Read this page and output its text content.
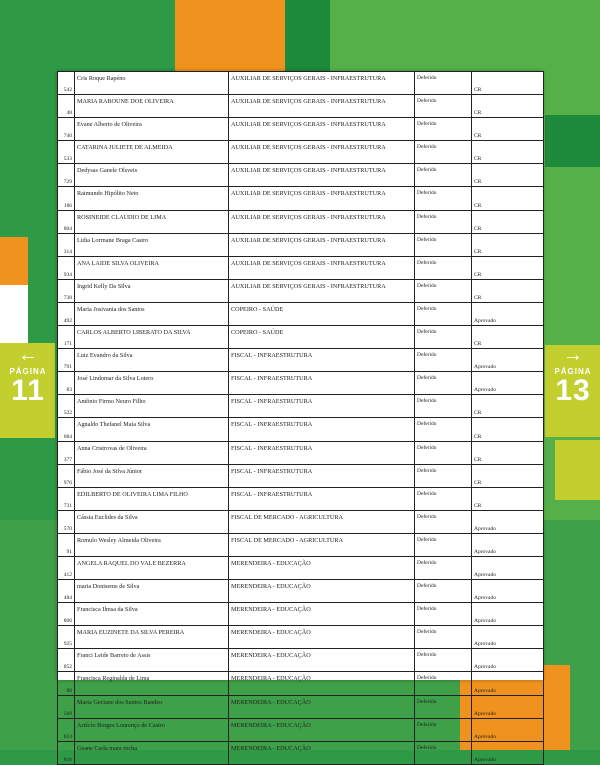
←
PÁGINA
11
→
PÁGINA
13
542	Cris Roque Rapéno	AUXILIAR DE SERVIÇOS GERAIS - INFRAESTRUTURA	Deferido	CR
48	MARIA RABOUNE DOE OLIVEIRA	AUXILIAR DE SERVIÇOS GERAIS - INFRAESTRUTURA	Deferido	CR
740	Evane Alberto de Oliveira	AUXILIAR DE SERVIÇOS GERAIS - INFRAESTRUTURA	Deferido	CR
533	CATARINA JULIETE DE ALMEIDA	AUXILIAR DE SERVIÇOS GERAIS - INFRAESTRUTURA	Deferido	CR
729	Dedysas Ganele Olsveis	AUXILIAR DE SERVIÇOS GERAIS - INFRAESTRUTURA	Deferido	CR
186	Raimundo Hipólito Neto	AUXILIAR DE SERVIÇOS GERAIS - INFRAESTRUTURA	Deferido	CR
804	ROSINEIDE CLAUDIO DE LIMA	AUXILIAR DE SERVIÇOS GERAIS - INFRAESTRUTURA	Deferido	CR
314	Lidia Lorrnane Braga Castro	AUXILIAR DE SERVIÇOS GERAIS - INFRAESTRUTURA	Deferido	CR
934	ANA LAIDE SILVA OLIVEIRA	AUXILIAR DE SERVIÇOS GERAIS - INFRAESTRUTURA	Deferido	CR
738	Ingrid Kelly Da Silva	AUXILIAR DE SERVIÇOS GERAIS - INFRAESTRUTURA	Deferido	CR
492	Maria Josivania dos Santos	COPEIRO - SAÚDE	Deferido	Aprovado
171	CARLOS ALBERTO LIBERATO DA SILVA	COPEIRO - SAÚDE	Deferido	CR
791	Luiz Evandro da Silva	FISCAL - INFRAESTRUTURA	Deferido	Aprovado
83	José Lindomar da Silva Lotero	FISCAL - INFRAESTRUTURA	Deferido	Aprovado
522	Antônio Firmo Neuro Filho	FISCAL - INFRAESTRUTURA	Deferido	CR
684	Agnaldo Thefanel Maia Silva	FISCAL - INFRAESTRUTURA	Deferido	CR
377	Anna Cristrovas de Oliveira	FISCAL - INFRAESTRUTURA	Deferido	CR
976	Fábio José da Silva Júnior	FISCAL - INFRAESTRUTURA	Deferido	CR
731	EDILBERTO DE OLIVEIRA LIMA FILHO	FISCAL - INFRAESTRUTURA	Deferido	CR
570	Cássia Euclides da Silva	FISCAL DE MERCADO - AGRICULTURA	Deferido	Aprovado
91	Romulo Wesley Almeida Oliveira	FISCAL DE MERCADO - AGRICULTURA	Deferido	Aprovado
412	ANGELA RAQUEL DO VALE BEZERRA	MERENDEIRA - EDUCAÇÃO	Deferido	Aprovado
484	maria Doniseme de Silva	MERENDEIRA - EDUCAÇÃO	Deferido	Aprovado
806	Francisca Ilmsa da Silva	MERENDEIRA - EDUCAÇÃO	Deferido	Aprovado
925	MARIA EUZINETE DA SILVA PEREIRA	MERENDEIRA - EDUCAÇÃO	Deferido	Aprovado
852	Franci Leide Barreto de Assis	MERENDEIRA - EDUCAÇÃO	Deferido	Aprovado
80	Francisca Reginalda de Lima	MERENDEIRA - EDUCAÇÃO	Deferido	Aprovado
569	Maria Geciane dos Santos Bandeo	MERENDEIRA - EDUCAÇÃO	Deferido	Aprovado
613	Ariécio Borges Lourenço de Castro	MERENDEIRA - EDUCAÇÃO	Deferido	Aprovado
816	Geane Carla mara rocha	MERENDEIRA - EDUCAÇÃO	Deferido	Aprovado
